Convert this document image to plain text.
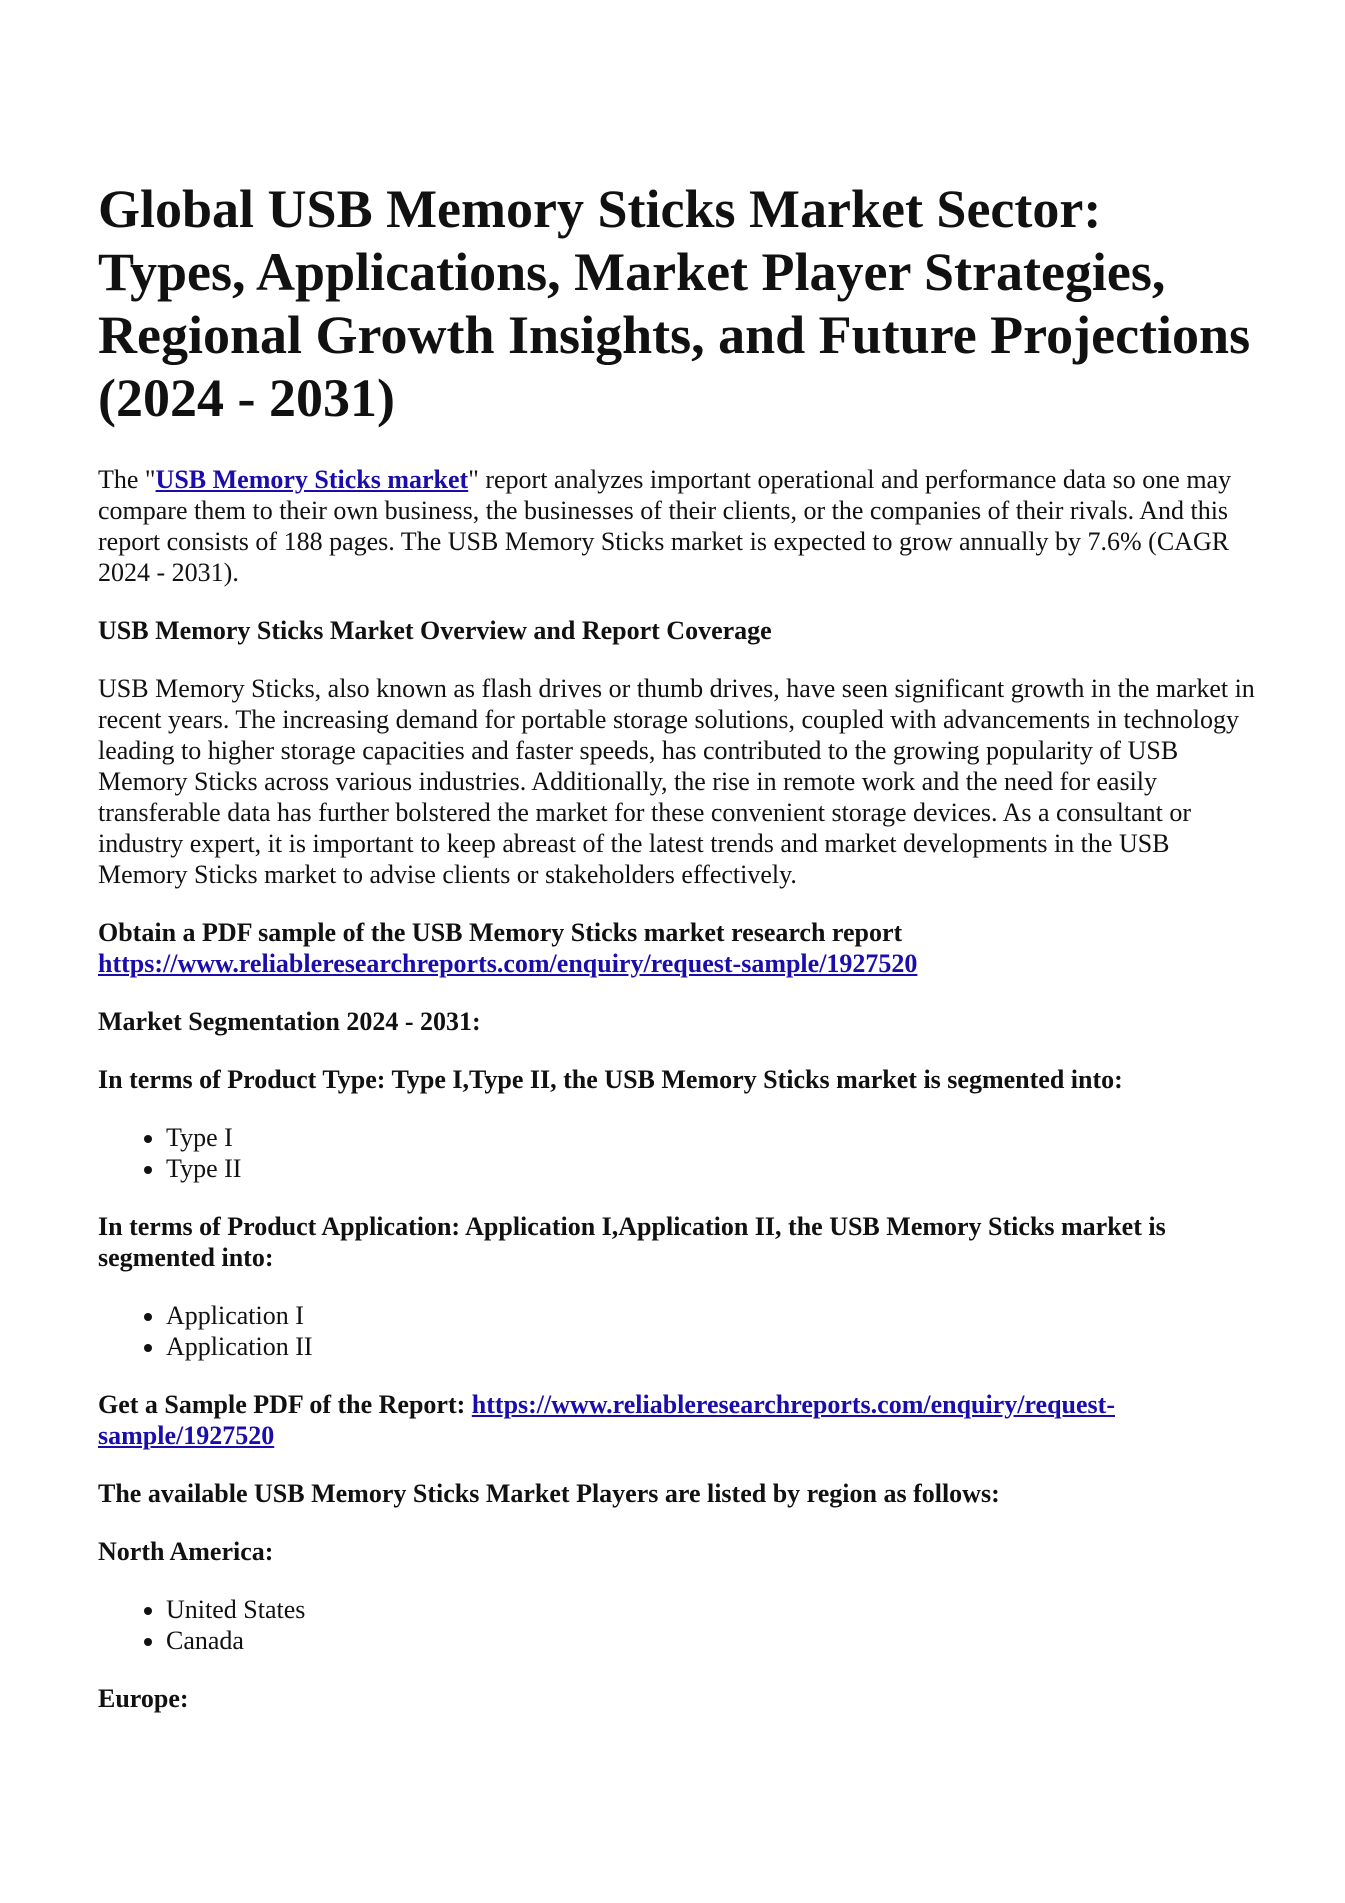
Global USB Memory Sticks Market Sector: Types, Applications, Market Player Strategies, Regional Growth Insights, and Future Projections (2024 - 2031)

The "USB Memory Sticks market" report analyzes important operational and performance data so one may compare them to their own business, the businesses of their clients, or the companies of their rivals. And this report consists of 188 pages. The USB Memory Sticks market is expected to grow annually by 7.6% (CAGR 2024 - 2031).

USB Memory Sticks Market Overview and Report Coverage

USB Memory Sticks, also known as flash drives or thumb drives, have seen significant growth in the market in recent years. The increasing demand for portable storage solutions, coupled with advancements in technology leading to higher storage capacities and faster speeds, has contributed to the growing popularity of USB Memory Sticks across various industries. Additionally, the rise in remote work and the need for easily transferable data has further bolstered the market for these convenient storage devices. As a consultant or industry expert, it is important to keep abreast of the latest trends and market developments in the USB Memory Sticks market to advise clients or stakeholders effectively.

Obtain a PDF sample of the USB Memory Sticks market research report https://www.reliableresearchreports.com/enquiry/request-sample/1927520

Market Segmentation 2024 - 2031:

In terms of Product Type: Type I,Type II, the USB Memory Sticks market is segmented into:

• Type I
• Type II

In terms of Product Application: Application I,Application II, the USB Memory Sticks market is segmented into:

• Application I
• Application II

Get a Sample PDF of the Report: https://www.reliableresearchreports.com/enquiry/request-sample/1927520

The available USB Memory Sticks Market Players are listed by region as follows:

North America:

• United States
• Canada

Europe:
